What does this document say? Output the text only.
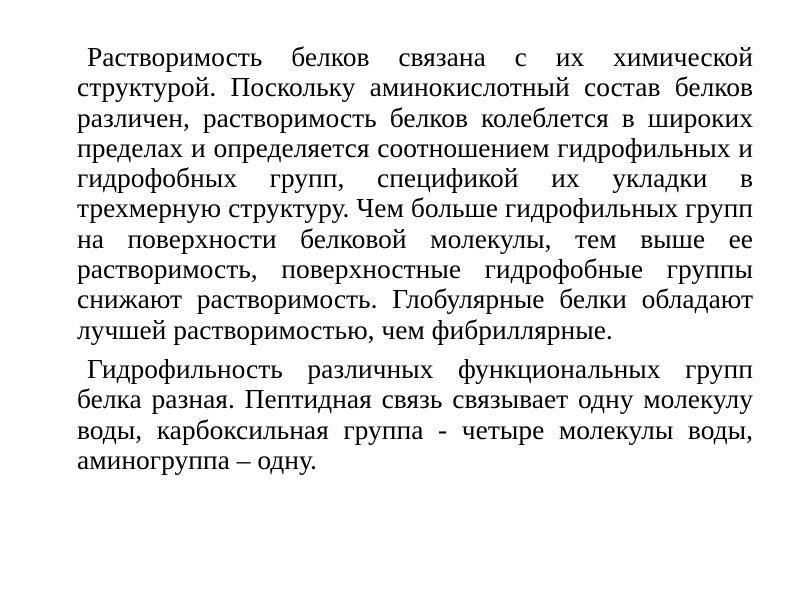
Растворимость белков связана с их химической структурой. Поскольку аминокислотный состав белков различен, растворимость белков колеблется в широких пределах и определяется соотношением гидрофильных и гидрофобных групп, спецификой их укладки в трехмерную структуру. Чем больше гидрофильных групп на поверхности белковой молекулы, тем выше ее растворимость, поверхностные гидрофобные группы снижают растворимость. Глобулярные белки обладают лучшей растворимостью, чем фибриллярные.

Гидрофильность различных функциональных групп белка разная. Пептидная связь связывает одну молекулу воды, карбоксильная группа - четыре молекулы воды, аминогруппа – одну.
